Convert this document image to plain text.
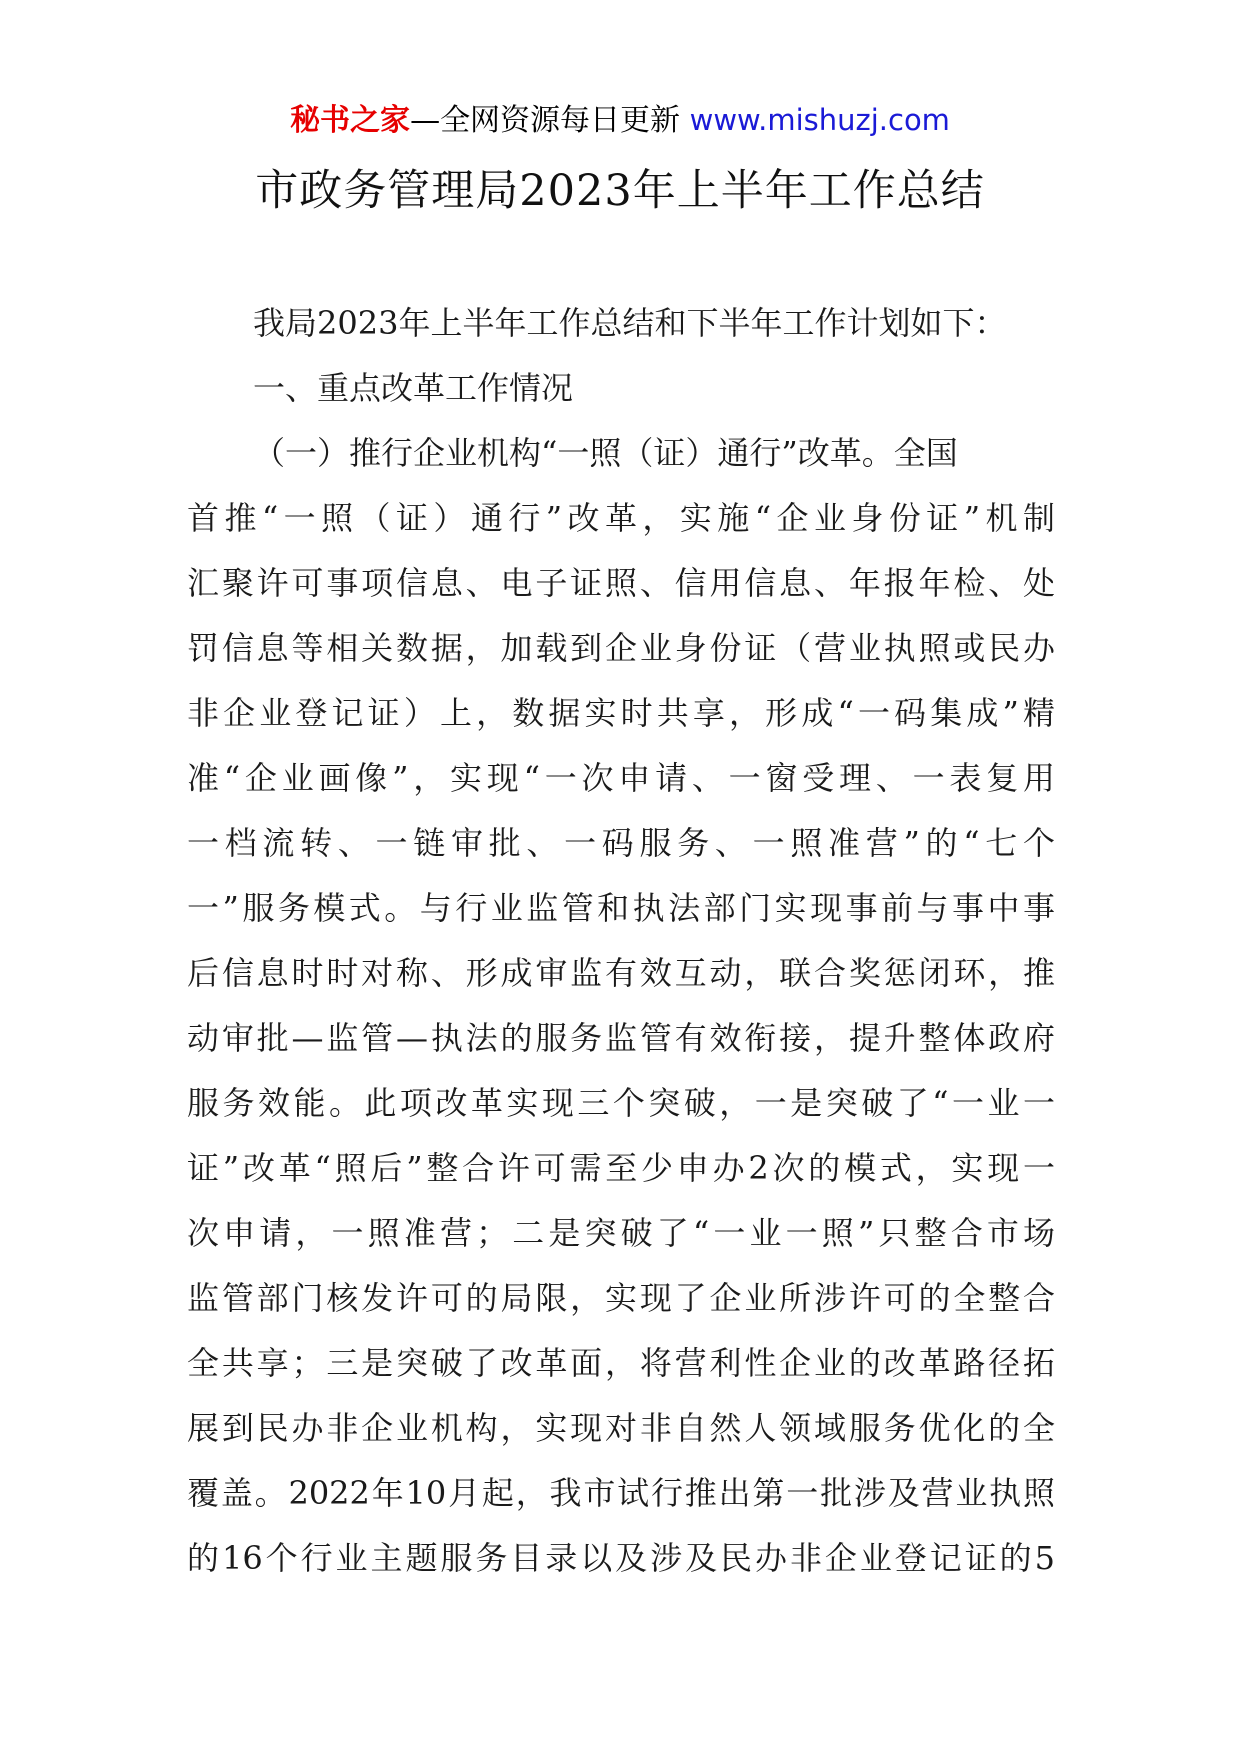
秘书之家—全网资源每日更新 www.mishuzj.com
市政务管理局2023年上半年工作总结
我局2023年上半年工作总结和下半年工作计划如下：
一、重点改革工作情况
（一）推行企业机构“一照（证）通行”改革。全国
首推“一照（证）通行”改革，实施“企业身份证”机制
汇聚许可事项信息、电子证照、信用信息、年报年检、处
罚信息等相关数据，加载到企业身份证（营业执照或民办
非企业登记证）上，数据实时共享，形成“一码集成”精
准“企业画像”，实现“一次申请、一窗受理、一表复用
一档流转、一链审批、一码服务、一照准营”的“七个
一”服务模式。与行业监管和执法部门实现事前与事中事
后信息时时对称、形成审监有效互动，联合奖惩闭环，推
动审批—监管—执法的服务监管有效衔接，提升整体政府
服务效能。此项改革实现三个突破，一是突破了“一业一
证”改革“照后”整合许可需至少申办2次的模式，实现一
次申请，一照准营；二是突破了“一业一照”只整合市场
监管部门核发许可的局限，实现了企业所涉许可的全整合
全共享；三是突破了改革面，将营利性企业的改革路径拓
展到民办非企业机构，实现对非自然人领域服务优化的全
覆盖。2022年10月起，我市试行推出第一批涉及营业执照
的16个行业主题服务目录以及涉及民办非企业登记证的5
